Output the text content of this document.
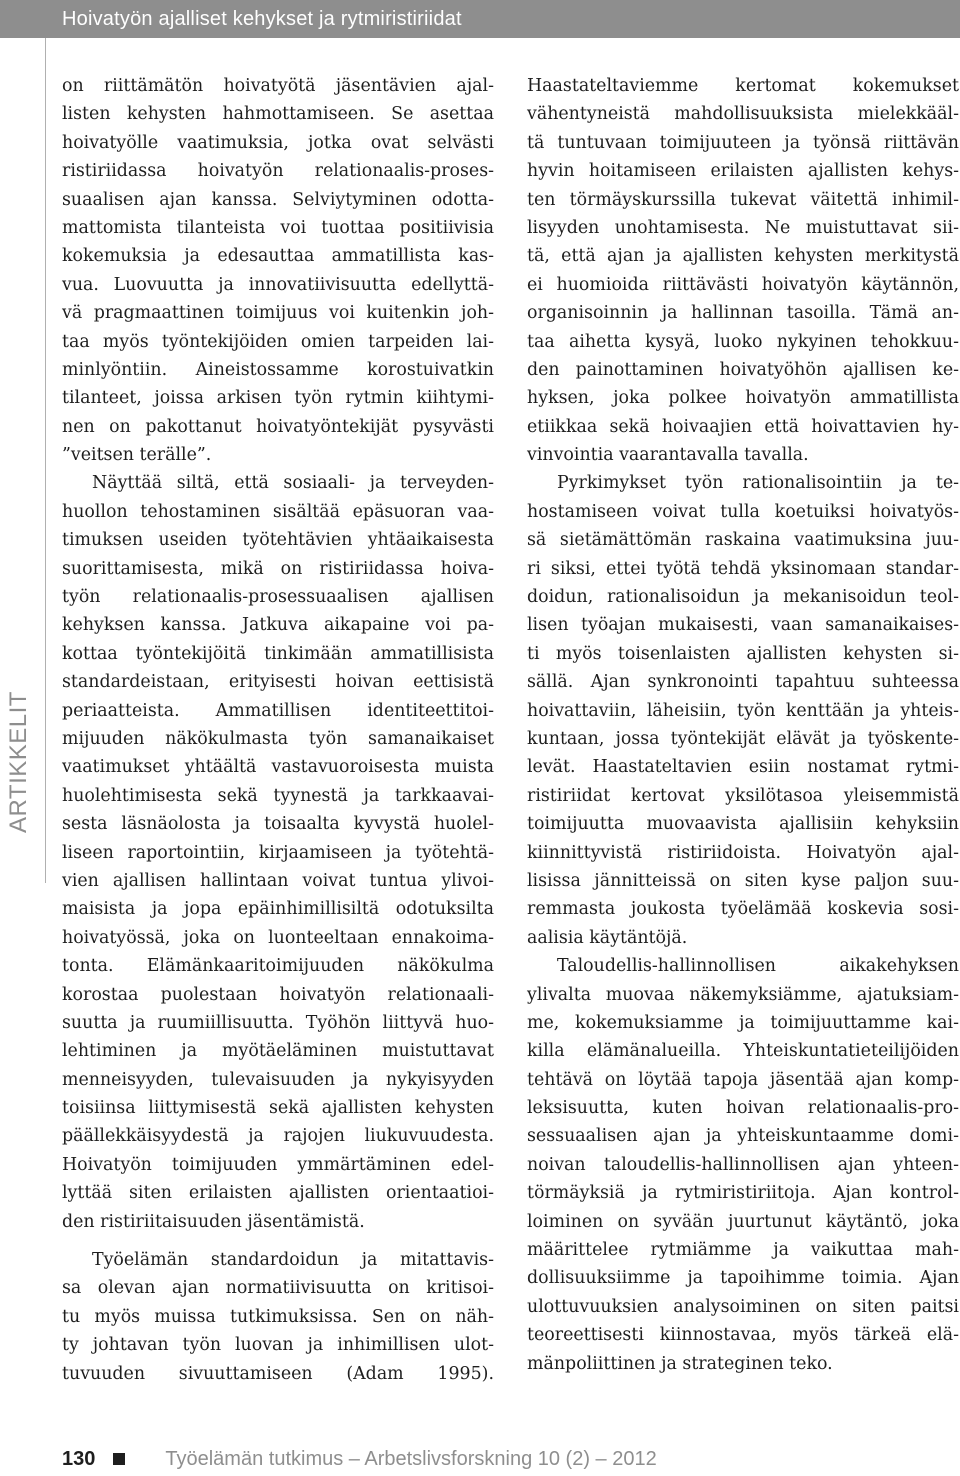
Hoivatyön ajalliset kehykset ja rytmiristiriidat
ARTIKKELIT
on riittämätön hoivatyötä jäsentävien ajal-
listen kehysten hahmottamiseen. Se asettaa
hoivatyölle vaatimuksia, jotka ovat selvästi
ristiriidassa hoivatyön relationaalis-proses-
suaalisen ajan kanssa. Selviytyminen odotta-
mattomista tilanteista voi tuottaa positiivisia
kokemuksia ja edesauttaa ammatillista kas-
vua. Luovuutta ja innovatiivisuutta edellyttä-
vä pragmaattinen toimijuus voi kuitenkin joh-
taa myös työntekijöiden omien tarpeiden lai-
minlyöntiin. Aineistossamme korostuivatkin
tilanteet, joissa arkisen työn rytmin kiihtymi-
nen on pakottanut hoivatyöntekijät pysyvästi
”veitsen terälle”.
Näyttää siltä, että sosiaali- ja terveyden-
huollon tehostaminen sisältää epäsuoran vaa-
timuksen useiden työtehtävien yhtäaikaisesta
suorittamisesta, mikä on ristiriidassa hoiva-
työn relationaalis-prosessuaalisen ajallisen
kehyksen kanssa. Jatkuva aikapaine voi pa-
kottaa työntekijöitä tinkimään ammatillisista
standardeistaan, erityisesti hoivan eettisistä
periaatteista. Ammatillisen identiteettitoi-
mijuuden näkökulmasta työn samanaikaiset
vaatimukset yhtäältä vastavuoroisesta muista
huolehtimisesta sekä tyynestä ja tarkkaavai-
sesta läsnäolosta ja toisaalta kyvystä huolel-
liseen raportointiin, kirjaamiseen ja työtehtä-
vien ajallisen hallintaan voivat tuntua ylivoi-
maisista ja jopa epäinhimillisiltä odotuksilta
hoivatyössä, joka on luonteeltaan ennakoima-
tonta. Elämänkaaritoimijuuden näkökulma
korostaa puolestaan hoivatyön relationaali-
suutta ja ruumiillisuutta. Työhön liittyvä huo-
lehtiminen ja myötäeläminen muistuttavat
menneisyyden, tulevaisuuden ja nykyisyyden
toisiinsa liittymisestä sekä ajallisten kehysten
päällekkäisyydestä ja rajojen liukuvuudesta.
Hoivatyön toimijuuden ymmärtäminen edel-
lyttää siten erilaisten ajallisten orientaatioi-
den ristiriitaisuuden jäsentämistä.
Työelämän standardoidun ja mitattavis-
sa olevan ajan normatiivisuutta on kritisoi-
tu myös muissa tutkimuksissa. Sen on näh-
ty johtavan työn luovan ja inhimillisen ulot-
tuvuuden sivuuttamiseen (Adam 1995).
Haastateltaviemme kertomat kokemukset
vähentyneistä mahdollisuuksista mielekkääl-
tä tuntuvaan toimijuuteen ja työnsä riittävän
hyvin hoitamiseen erilaisten ajallisten kehys-
ten törmäyskurssilla tukevat väitettä inhimil-
lisyyden unohtamisesta. Ne muistuttavat sii-
tä, että ajan ja ajallisten kehysten merkitystä
ei huomioida riittävästi hoivatyön käytännön,
organisoinnin ja hallinnan tasoilla. Tämä an-
taa aihetta kysyä, luoko nykyinen tehokkuu-
den painottaminen hoivatyöhön ajallisen ke-
hyksen, joka polkee hoivatyön ammatillista
etiikkaa sekä hoivaajien että hoivattavien hy-
vinvointia vaarantavalla tavalla.
Pyrkimykset työn rationalisointiin ja te-
hostamiseen voivat tulla koetuiksi hoivatyös-
sä sietämättömän raskaina vaatimuksina juu-
ri siksi, ettei työtä tehdä yksinomaan standar-
doidun, rationalisoidun ja mekanisoidun teol-
lisen työajan mukaisesti, vaan samanaikaises-
ti myös toisenlaisten ajallisten kehysten si-
sällä. Ajan synkronointi tapahtuu suhteessa
hoivattaviin, läheisiin, työn kenttään ja yhteis-
kuntaan, jossa työntekijät elävät ja työskente-
levät. Haastateltavien esiin nostamat rytmi-
ristiriidat kertovat yksilötasoa yleisemmistä
toimijuutta muovaavista ajallisiin kehyksiin
kiinnittyvistä ristiriidoista. Hoivatyön ajal-
lisissa jännitteissä on siten kyse paljon suu-
remmasta joukosta työelämää koskevia sosi-
aalisia käytäntöjä.
Taloudellis-hallinnollisen aikakehyksen
ylivalta muovaa näkemyksiämme, ajatuksiam-
me, kokemuksiamme ja toimijuuttamme kai-
killa elämänalueilla. Yhteiskuntatieteilijöiden
tehtävä on löytää tapoja jäsentää ajan komp-
leksisuutta, kuten hoivan relationaalis-pro-
sessuaalisen ajan ja yhteiskuntaamme domi-
noivan taloudellis-hallinnollisen ajan yhteen-
törmäyksiä ja rytmiristiriitoja. Ajan kontrol-
loiminen on syvään juurtunut käytäntö, joka
määrittelee rytmiämme ja vaikuttaa mah-
dollisuuksiimme ja tapoihimme toimia. Ajan
ulottuvuuksien analysoiminen on siten paitsi
teoreettisesti kiinnostavaa, myös tärkeä elä-
mänpoliittinen ja strateginen teko.
130	Työelämän tutkimus – Arbetslivsforskning 10 (2) – 2012
